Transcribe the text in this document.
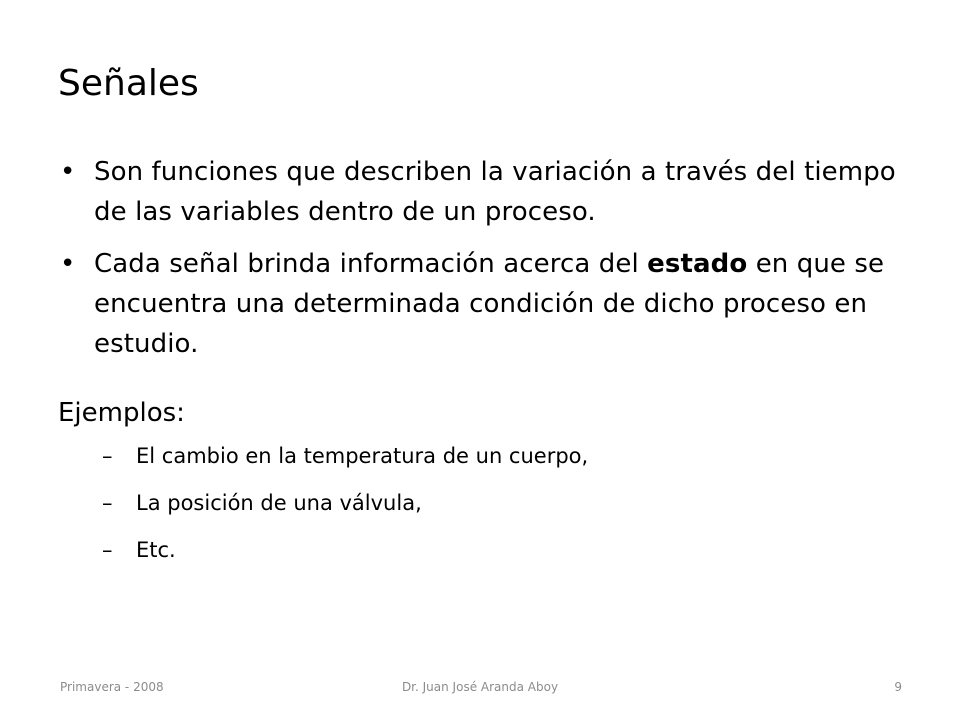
Señales
• Son funciones que describen la variación a través del tiempo de las variables dentro de un proceso.
• Cada señal brinda información acerca del estado en que se encuentra una determinada condición de dicho proceso en estudio.
Ejemplos:
– El cambio en la temperatura de un cuerpo,
– La posición de una válvula,
– Etc.
Primavera - 2008	Dr. Juan José Aranda Aboy	9
